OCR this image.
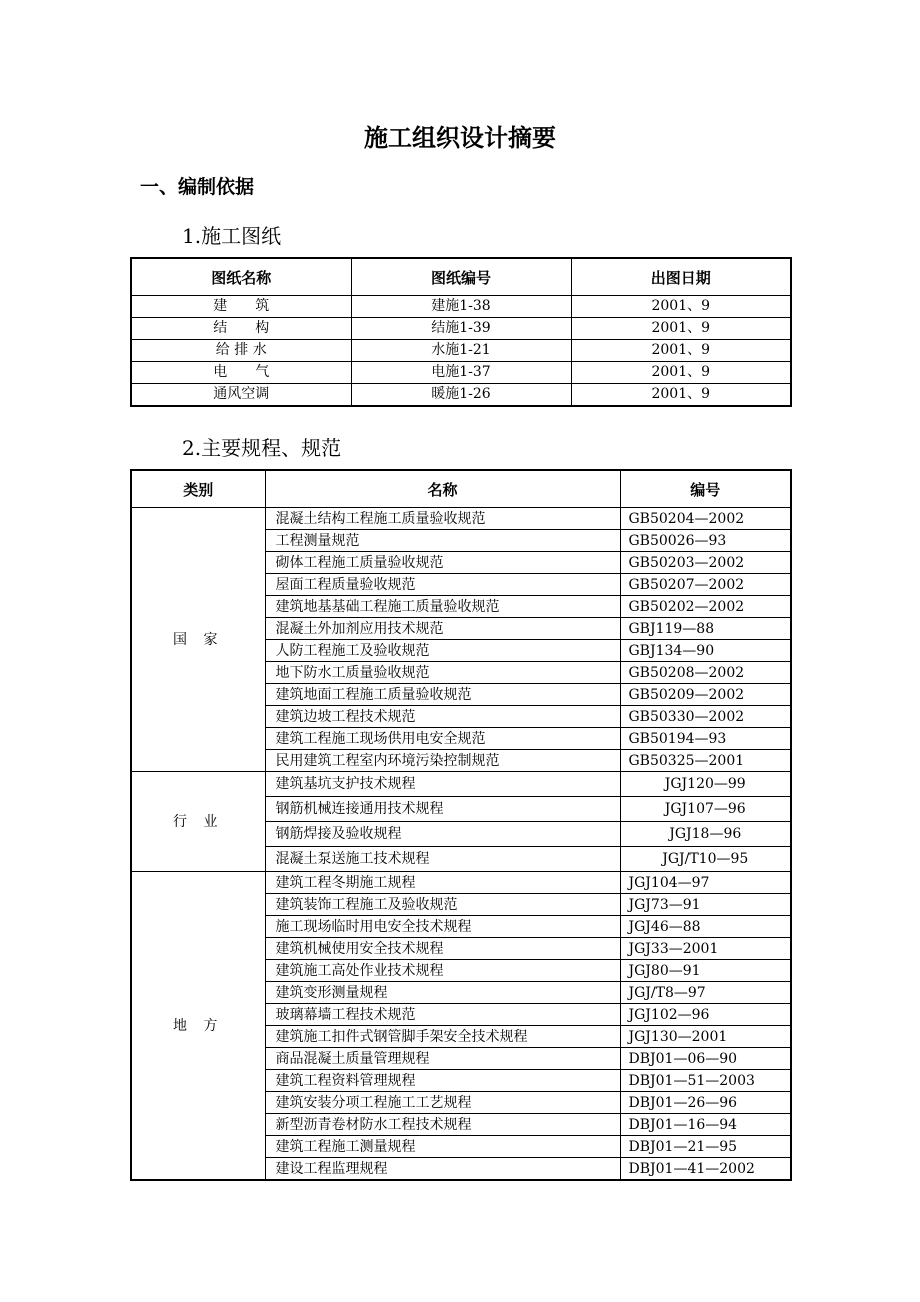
施工组织设计摘要
一、编制依据
1.施工图纸
图纸名称	图纸编号	出图日期
建　　筑	建施1-38	2001、9
结　　构	结施1-39	2001、9
给 排 水	水施1-21	2001、9
电　　气	电施1-37	2001、9
通风空调	暖施1-26	2001、9
2.主要规程、规范
类别	名称	编号
国 家	混凝土结构工程施工质量验收规范	GB50204—2002
	工程测量规范	GB50026—93
	砌体工程施工质量验收规范	GB50203—2002
	屋面工程质量验收规范	GB50207—2002
	建筑地基基础工程施工质量验收规范	GB50202—2002
	混凝土外加剂应用技术规范	GBJ119—88
	人防工程施工及验收规范	GBJ134—90
	地下防水工质量验收规范	GB50208—2002
	建筑地面工程施工质量验收规范	GB50209—2002
	建筑边坡工程技术规范	GB50330—2002
	建筑工程施工现场供用电安全规范	GB50194—93
	民用建筑工程室内环境污染控制规范	GB50325—2001
行 业	建筑基坑支护技术规程	JGJ120—99
	钢筋机械连接通用技术规程	JGJ107—96
	钢筋焊接及验收规程	JGJ18—96
	混凝土泵送施工技术规程	JGJ/T10—95
地 方	建筑工程冬期施工规程	JGJ104—97
	建筑装饰工程施工及验收规范	JGJ73—91
	施工现场临时用电安全技术规程	JGJ46—88
	建筑机械使用安全技术规程	JGJ33—2001
	建筑施工高处作业技术规程	JGJ80—91
	建筑变形测量规程	JGJ/T8—97
	玻璃幕墙工程技术规范	JGJ102—96
	建筑施工扣件式钢管脚手架安全技术规程	JGJ130—2001
	商品混凝土质量管理规程	DBJ01—06—90
	建筑工程资料管理规程	DBJ01—51—2003
	建筑安装分项工程施工工艺规程	DBJ01—26—96
	新型沥青卷材防水工程技术规程	DBJ01—16—94
	建筑工程施工测量规程	DBJ01—21—95
	建设工程监理规程	DBJ01—41—2002
